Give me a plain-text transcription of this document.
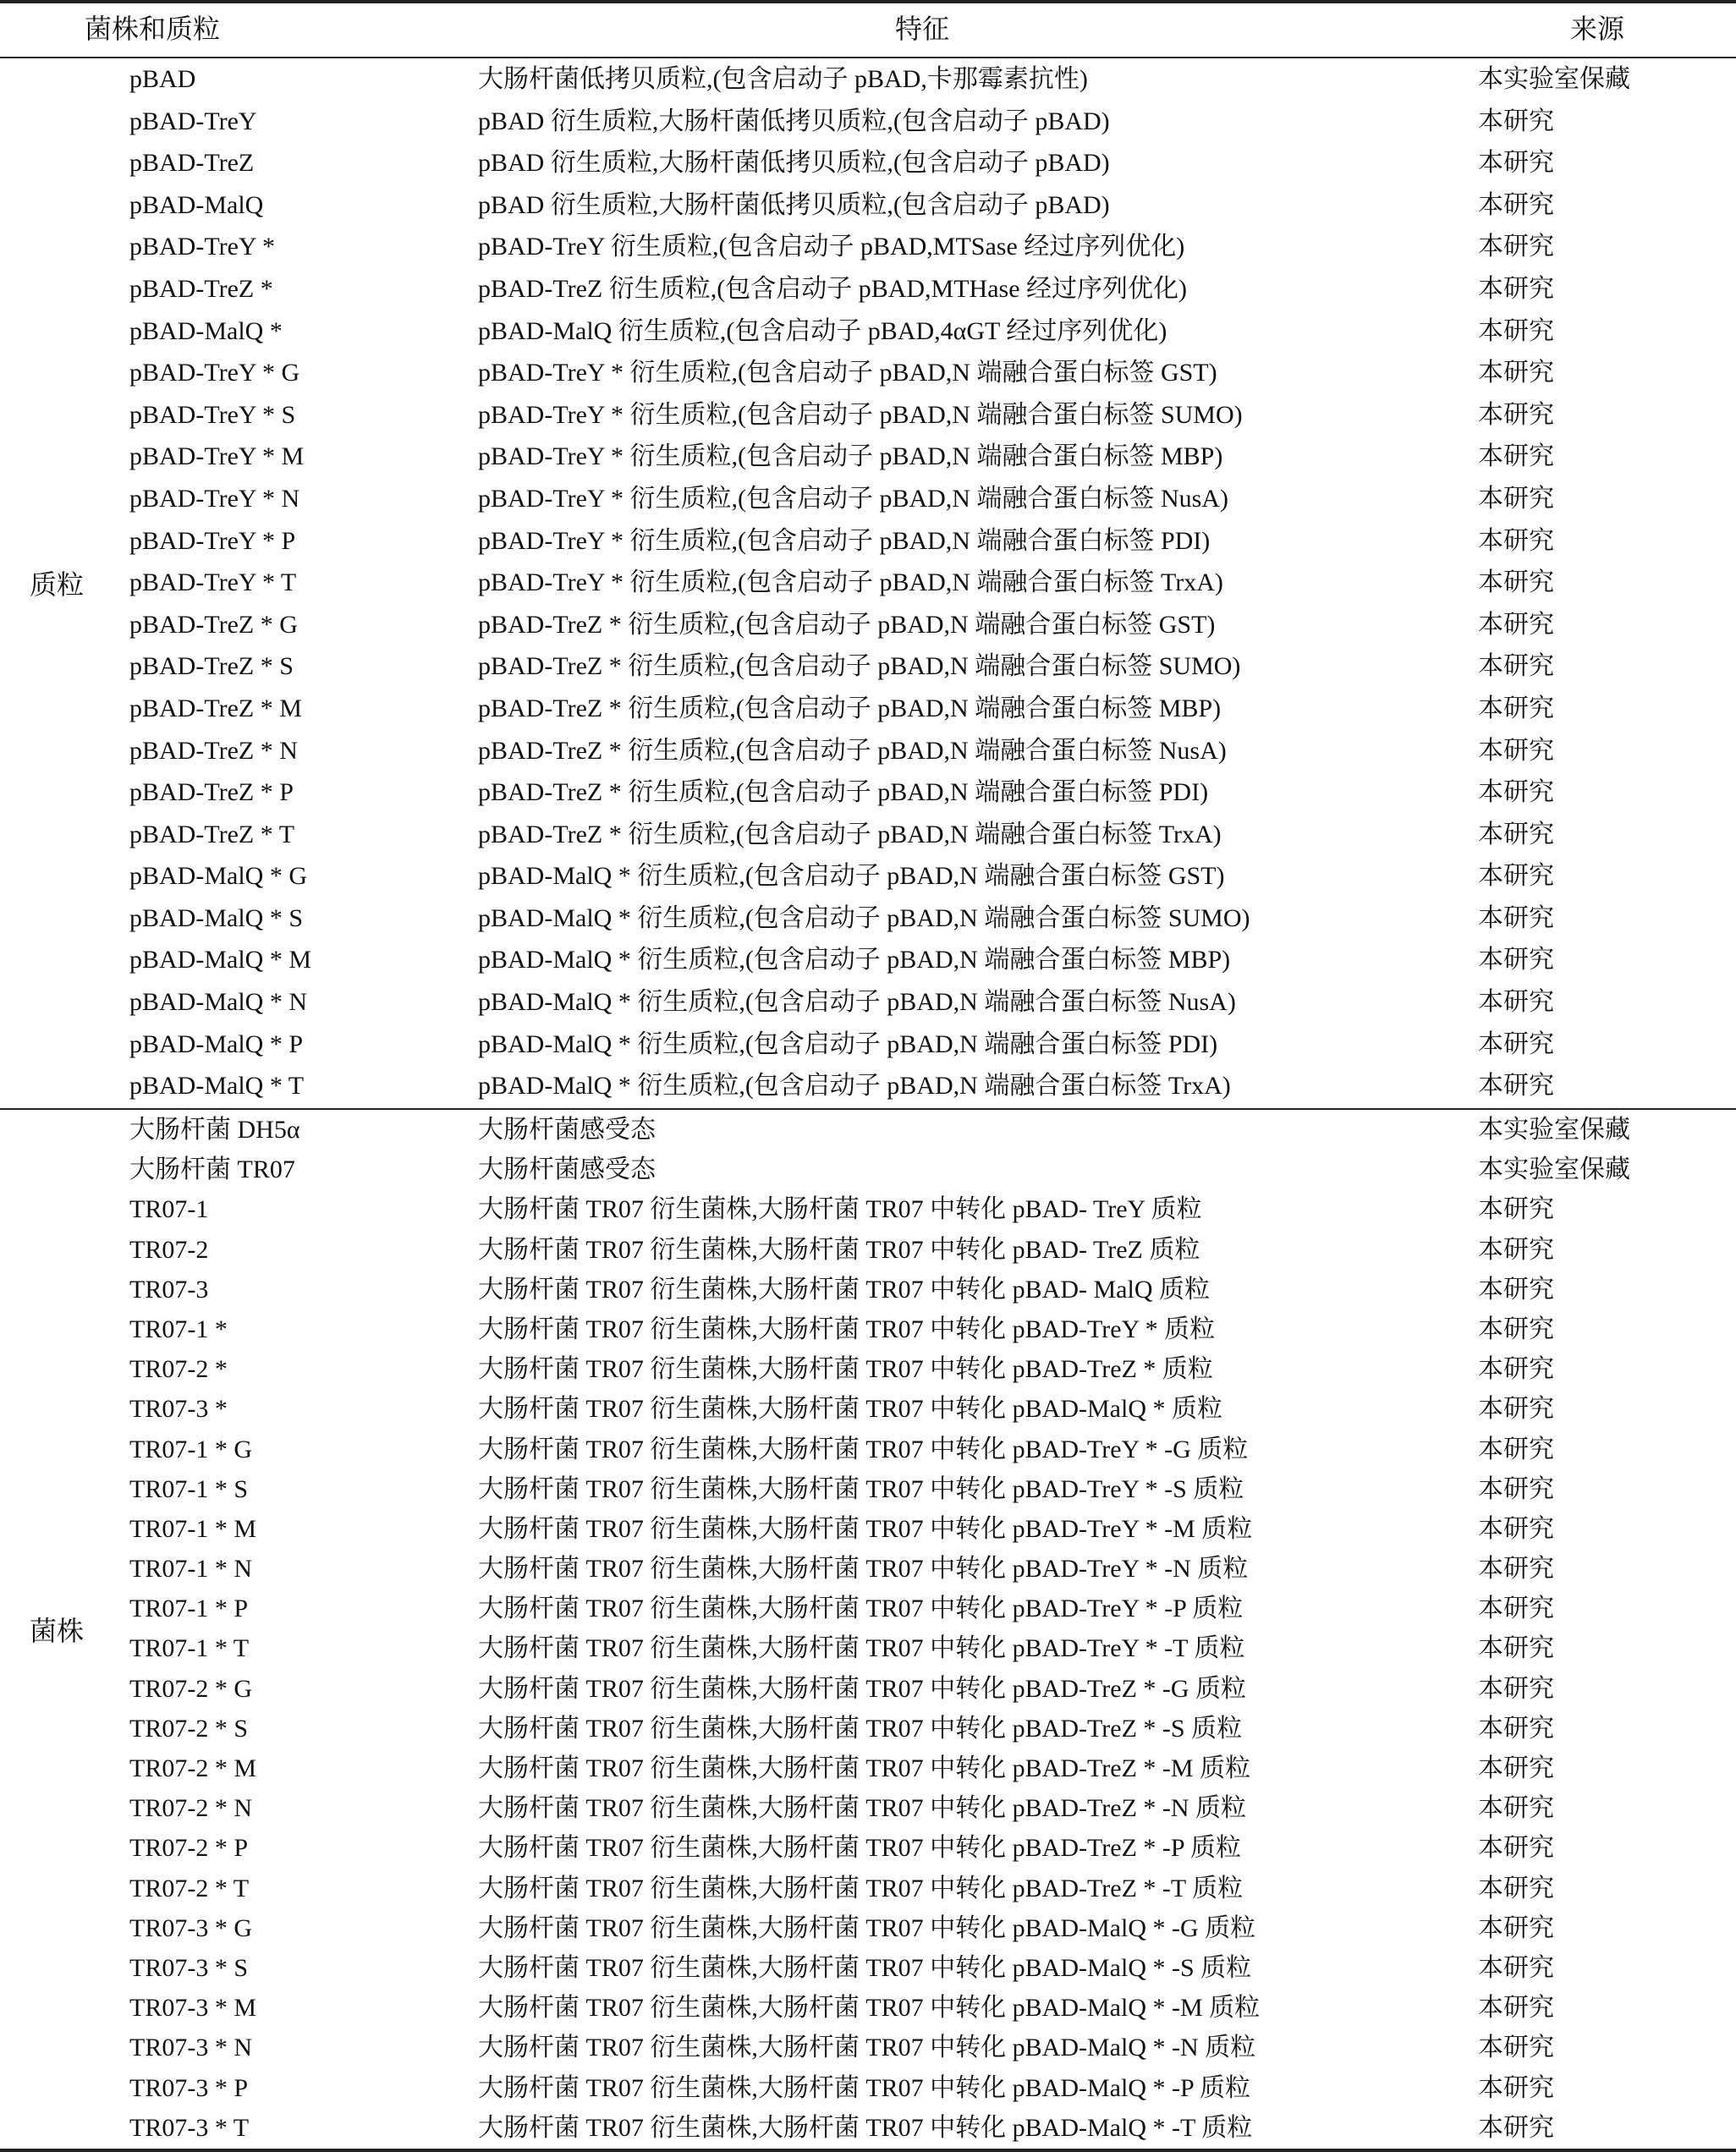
菌株和质粒	特征	来源
质粒
pBAD	大肠杆菌低拷贝质粒,(包含启动子 pBAD,卡那霉素抗性)	本实验室保藏
pBAD-TreY	pBAD 衍生质粒,大肠杆菌低拷贝质粒,(包含启动子 pBAD)	本研究
pBAD-TreZ	pBAD 衍生质粒,大肠杆菌低拷贝质粒,(包含启动子 pBAD)	本研究
pBAD-MalQ	pBAD 衍生质粒,大肠杆菌低拷贝质粒,(包含启动子 pBAD)	本研究
pBAD-TreY *	pBAD-TreY 衍生质粒,(包含启动子 pBAD,MTSase 经过序列优化)	本研究
pBAD-TreZ *	pBAD-TreZ 衍生质粒,(包含启动子 pBAD,MTHase 经过序列优化)	本研究
pBAD-MalQ *	pBAD-MalQ 衍生质粒,(包含启动子 pBAD,4αGT 经过序列优化)	本研究
pBAD-TreY * G	pBAD-TreY * 衍生质粒,(包含启动子 pBAD,N 端融合蛋白标签 GST)	本研究
pBAD-TreY * S	pBAD-TreY * 衍生质粒,(包含启动子 pBAD,N 端融合蛋白标签 SUMO)	本研究
pBAD-TreY * M	pBAD-TreY * 衍生质粒,(包含启动子 pBAD,N 端融合蛋白标签 MBP)	本研究
pBAD-TreY * N	pBAD-TreY * 衍生质粒,(包含启动子 pBAD,N 端融合蛋白标签 NusA)	本研究
pBAD-TreY * P	pBAD-TreY * 衍生质粒,(包含启动子 pBAD,N 端融合蛋白标签 PDI)	本研究
pBAD-TreY * T	pBAD-TreY * 衍生质粒,(包含启动子 pBAD,N 端融合蛋白标签 TrxA)	本研究
pBAD-TreZ * G	pBAD-TreZ * 衍生质粒,(包含启动子 pBAD,N 端融合蛋白标签 GST)	本研究
pBAD-TreZ * S	pBAD-TreZ * 衍生质粒,(包含启动子 pBAD,N 端融合蛋白标签 SUMO)	本研究
pBAD-TreZ * M	pBAD-TreZ * 衍生质粒,(包含启动子 pBAD,N 端融合蛋白标签 MBP)	本研究
pBAD-TreZ * N	pBAD-TreZ * 衍生质粒,(包含启动子 pBAD,N 端融合蛋白标签 NusA)	本研究
pBAD-TreZ * P	pBAD-TreZ * 衍生质粒,(包含启动子 pBAD,N 端融合蛋白标签 PDI)	本研究
pBAD-TreZ * T	pBAD-TreZ * 衍生质粒,(包含启动子 pBAD,N 端融合蛋白标签 TrxA)	本研究
pBAD-MalQ * G	pBAD-MalQ * 衍生质粒,(包含启动子 pBAD,N 端融合蛋白标签 GST)	本研究
pBAD-MalQ * S	pBAD-MalQ * 衍生质粒,(包含启动子 pBAD,N 端融合蛋白标签 SUMO)	本研究
pBAD-MalQ * M	pBAD-MalQ * 衍生质粒,(包含启动子 pBAD,N 端融合蛋白标签 MBP)	本研究
pBAD-MalQ * N	pBAD-MalQ * 衍生质粒,(包含启动子 pBAD,N 端融合蛋白标签 NusA)	本研究
pBAD-MalQ * P	pBAD-MalQ * 衍生质粒,(包含启动子 pBAD,N 端融合蛋白标签 PDI)	本研究
pBAD-MalQ * T	pBAD-MalQ * 衍生质粒,(包含启动子 pBAD,N 端融合蛋白标签 TrxA)	本研究
菌株
大肠杆菌 DH5α	大肠杆菌感受态	本实验室保藏
大肠杆菌 TR07	大肠杆菌感受态	本实验室保藏
TR07-1	大肠杆菌 TR07 衍生菌株,大肠杆菌 TR07 中转化 pBAD- TreY 质粒	本研究
TR07-2	大肠杆菌 TR07 衍生菌株,大肠杆菌 TR07 中转化 pBAD- TreZ 质粒	本研究
TR07-3	大肠杆菌 TR07 衍生菌株,大肠杆菌 TR07 中转化 pBAD- MalQ 质粒	本研究
TR07-1 *	大肠杆菌 TR07 衍生菌株,大肠杆菌 TR07 中转化 pBAD-TreY * 质粒	本研究
TR07-2 *	大肠杆菌 TR07 衍生菌株,大肠杆菌 TR07 中转化 pBAD-TreZ * 质粒	本研究
TR07-3 *	大肠杆菌 TR07 衍生菌株,大肠杆菌 TR07 中转化 pBAD-MalQ * 质粒	本研究
TR07-1 * G	大肠杆菌 TR07 衍生菌株,大肠杆菌 TR07 中转化 pBAD-TreY * -G 质粒	本研究
TR07-1 * S	大肠杆菌 TR07 衍生菌株,大肠杆菌 TR07 中转化 pBAD-TreY * -S 质粒	本研究
TR07-1 * M	大肠杆菌 TR07 衍生菌株,大肠杆菌 TR07 中转化 pBAD-TreY * -M 质粒	本研究
TR07-1 * N	大肠杆菌 TR07 衍生菌株,大肠杆菌 TR07 中转化 pBAD-TreY * -N 质粒	本研究
TR07-1 * P	大肠杆菌 TR07 衍生菌株,大肠杆菌 TR07 中转化 pBAD-TreY * -P 质粒	本研究
TR07-1 * T	大肠杆菌 TR07 衍生菌株,大肠杆菌 TR07 中转化 pBAD-TreY * -T 质粒	本研究
TR07-2 * G	大肠杆菌 TR07 衍生菌株,大肠杆菌 TR07 中转化 pBAD-TreZ * -G 质粒	本研究
TR07-2 * S	大肠杆菌 TR07 衍生菌株,大肠杆菌 TR07 中转化 pBAD-TreZ * -S 质粒	本研究
TR07-2 * M	大肠杆菌 TR07 衍生菌株,大肠杆菌 TR07 中转化 pBAD-TreZ * -M 质粒	本研究
TR07-2 * N	大肠杆菌 TR07 衍生菌株,大肠杆菌 TR07 中转化 pBAD-TreZ * -N 质粒	本研究
TR07-2 * P	大肠杆菌 TR07 衍生菌株,大肠杆菌 TR07 中转化 pBAD-TreZ * -P 质粒	本研究
TR07-2 * T	大肠杆菌 TR07 衍生菌株,大肠杆菌 TR07 中转化 pBAD-TreZ * -T 质粒	本研究
TR07-3 * G	大肠杆菌 TR07 衍生菌株,大肠杆菌 TR07 中转化 pBAD-MalQ * -G 质粒	本研究
TR07-3 * S	大肠杆菌 TR07 衍生菌株,大肠杆菌 TR07 中转化 pBAD-MalQ * -S 质粒	本研究
TR07-3 * M	大肠杆菌 TR07 衍生菌株,大肠杆菌 TR07 中转化 pBAD-MalQ * -M 质粒	本研究
TR07-3 * N	大肠杆菌 TR07 衍生菌株,大肠杆菌 TR07 中转化 pBAD-MalQ * -N 质粒	本研究
TR07-3 * P	大肠杆菌 TR07 衍生菌株,大肠杆菌 TR07 中转化 pBAD-MalQ * -P 质粒	本研究
TR07-3 * T	大肠杆菌 TR07 衍生菌株,大肠杆菌 TR07 中转化 pBAD-MalQ * -T 质粒	本研究
